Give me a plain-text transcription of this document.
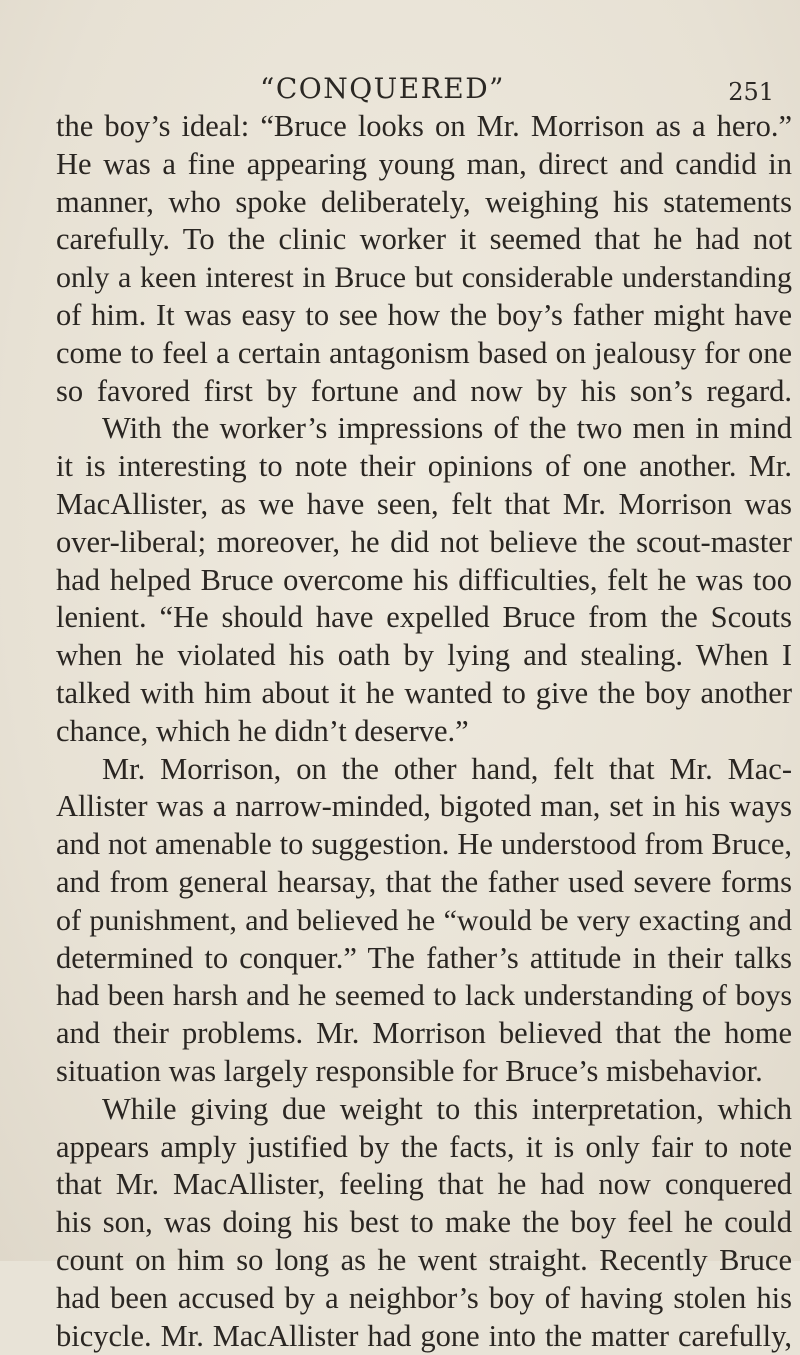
“CONQUERED”	251
the boy’s ideal: “Bruce looks on Mr. Morrison as a hero.”
He was a fine appearing young man, direct and candid in
manner, who spoke deliberately, weighing his statements
carefully. To the clinic worker it seemed that he had not
only a keen interest in Bruce but considerable understanding
of him. It was easy to see how the boy’s father might have
come to feel a certain antagonism based on jealousy for one
so favored first by fortune and now by his son’s regard.
With the worker’s impressions of the two men in mind
it is interesting to note their opinions of one another. Mr.
MacAllister, as we have seen, felt that Mr. Morrison was
over-liberal; moreover, he did not believe the scout-master
had helped Bruce overcome his difficulties, felt he was too
lenient. “He should have expelled Bruce from the Scouts
when he violated his oath by lying and stealing. When I
talked with him about it he wanted to give the boy another
chance, which he didn’t deserve.”
Mr. Morrison, on the other hand, felt that Mr. Mac-
Allister was a narrow-minded, bigoted man, set in his ways
and not amenable to suggestion. He understood from Bruce,
and from general hearsay, that the father used severe forms
of punishment, and believed he “would be very exacting and
determined to conquer.” The father’s attitude in their talks
had been harsh and he seemed to lack understanding of boys
and their problems. Mr. Morrison believed that the home
situation was largely responsible for Bruce’s misbehavior.
While giving due weight to this interpretation, which
appears amply justified by the facts, it is only fair to note
that Mr. MacAllister, feeling that he had now conquered
his son, was doing his best to make the boy feel he could
count on him so long as he went straight. Recently Bruce
had been accused by a neighbor’s boy of having stolen his
bicycle. Mr. MacAllister had gone into the matter carefully,
